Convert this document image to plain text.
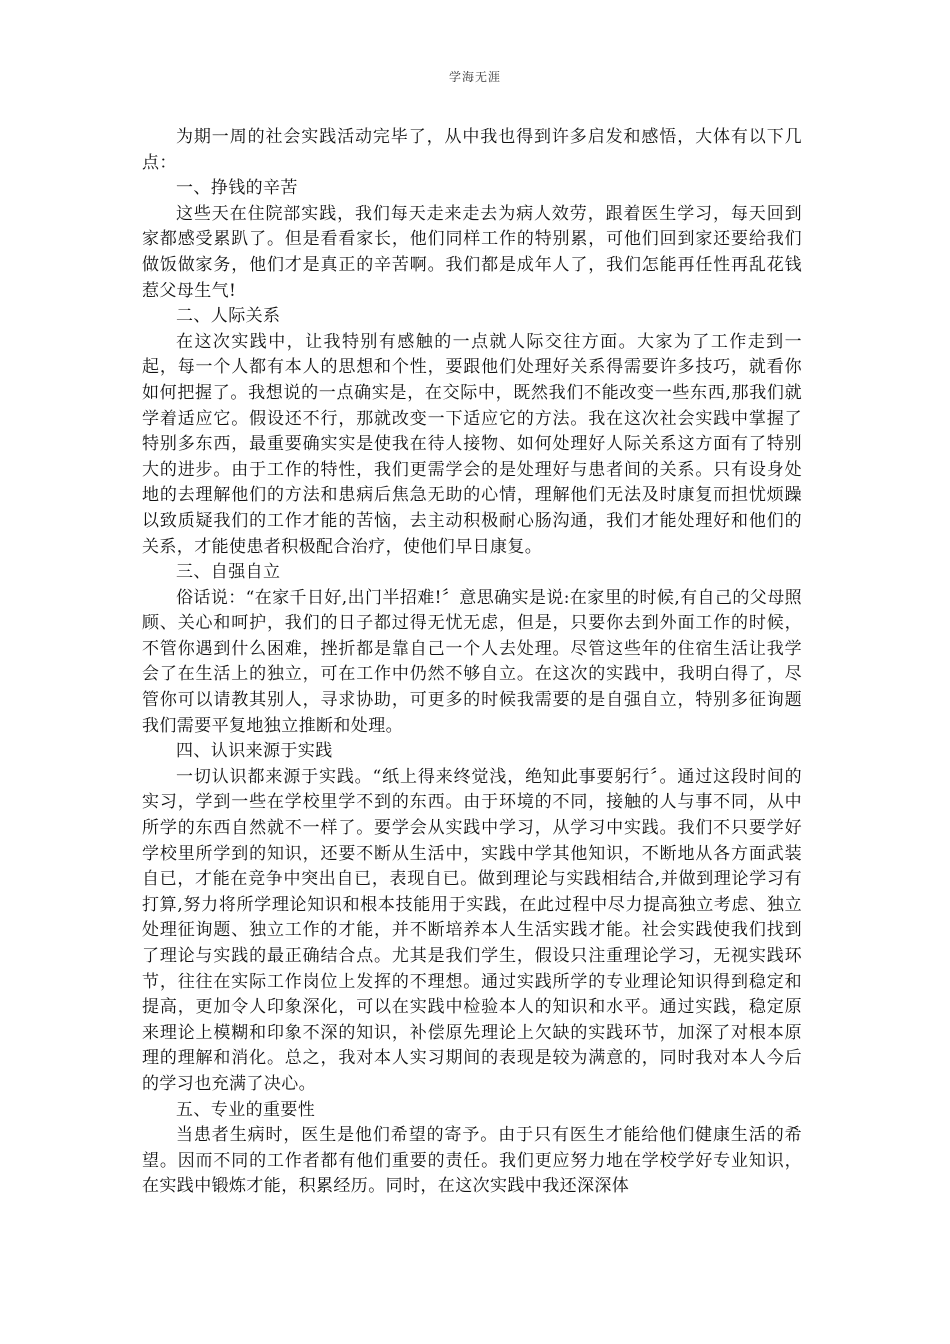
学海无涯

为期一周的社会实践活动完毕了，从中我也得到许多启发和感悟，大体有以下几点：

一、挣钱的辛苦

这些天在住院部实践，我们每天走来走去为病人效劳，跟着医生学习，每天回到家都感受累趴了。但是看看家长，他们同样工作的特别累，可他们回到家还要给我们做饭做家务，他们才是真正的辛苦啊。我们都是成年人了，我们怎能再任性再乱花钱惹父母生气!

二、人际关系

在这次实践中，让我特别有感触的一点就人际交往方面。大家为了工作走到一起，每一个人都有本人的思想和个性，要跟他们处理好关系得需要许多技巧，就看你如何把握了。我想说的一点确实是，在交际中，既然我们不能改变一些东西,那我们就学着适应它。假设还不行，那就改变一下适应它的方法。我在这次社会实践中掌握了特别多东西，最重要确实实是使我在待人接物、如何处理好人际关系这方面有了特别大的进步。由于工作的特性，我们更需学会的是处理好与患者间的关系。只有设身处地的去理解他们的方法和患病后焦急无助的心情，理解他们无法及时康复而担忧烦躁以致质疑我们的工作才能的苦恼，去主动积极耐心肠沟通，我们才能处理好和他们的关系，才能使患者积极配合治疗，使他们早日康复。

三、自强自立

俗话说：“在家千日好,出门半招难!〞意思确实是说:在家里的时候,有自己的父母照顾、关心和呵护，我们的日子都过得无忧无虑，但是，只要你去到外面工作的时候，不管你遇到什么困难，挫折都是靠自己一个人去处理。尽管这些年的住宿生活让我学会了在生活上的独立，可在工作中仍然不够自立。在这次的实践中，我明白得了，尽管你可以请教其别人，寻求协助，可更多的时候我需要的是自强自立，特别多征询题我们需要平复地独立推断和处理。

四、认识来源于实践

一切认识都来源于实践。“纸上得来终觉浅，绝知此事要躬行〞。通过这段时间的实习，学到一些在学校里学不到的东西。由于环境的不同，接触的人与事不同，从中所学的东西自然就不一样了。要学会从实践中学习，从学习中实践。我们不只要学好学校里所学到的知识，还要不断从生活中，实践中学其他知识，不断地从各方面武装自已，才能在竞争中突出自已，表现自已。做到理论与实践相结合,并做到理论学习有打算,努力将所学理论知识和根本技能用于实践，在此过程中尽力提高独立考虑、独立处理征询题、独立工作的才能，并不断培养本人生活实践才能。社会实践使我们找到了理论与实践的最正确结合点。尤其是我们学生，假设只注重理论学习，无视实践环节，往往在实际工作岗位上发挥的不理想。通过实践所学的专业理论知识得到稳定和提高，更加令人印象深化，可以在实践中检验本人的知识和水平。通过实践，稳定原来理论上模糊和印象不深的知识，补偿原先理论上欠缺的实践环节，加深了对根本原理的理解和消化。总之，我对本人实习期间的表现是较为满意的，同时我对本人今后的学习也充满了决心。

五、专业的重要性

当患者生病时，医生是他们希望的寄予。由于只有医生才能给他们健康生活的希望。因而不同的工作者都有他们重要的责任。我们更应努力地在学校学好专业知识，在实践中锻炼才能，积累经历。同时，在这次实践中我还深深体
